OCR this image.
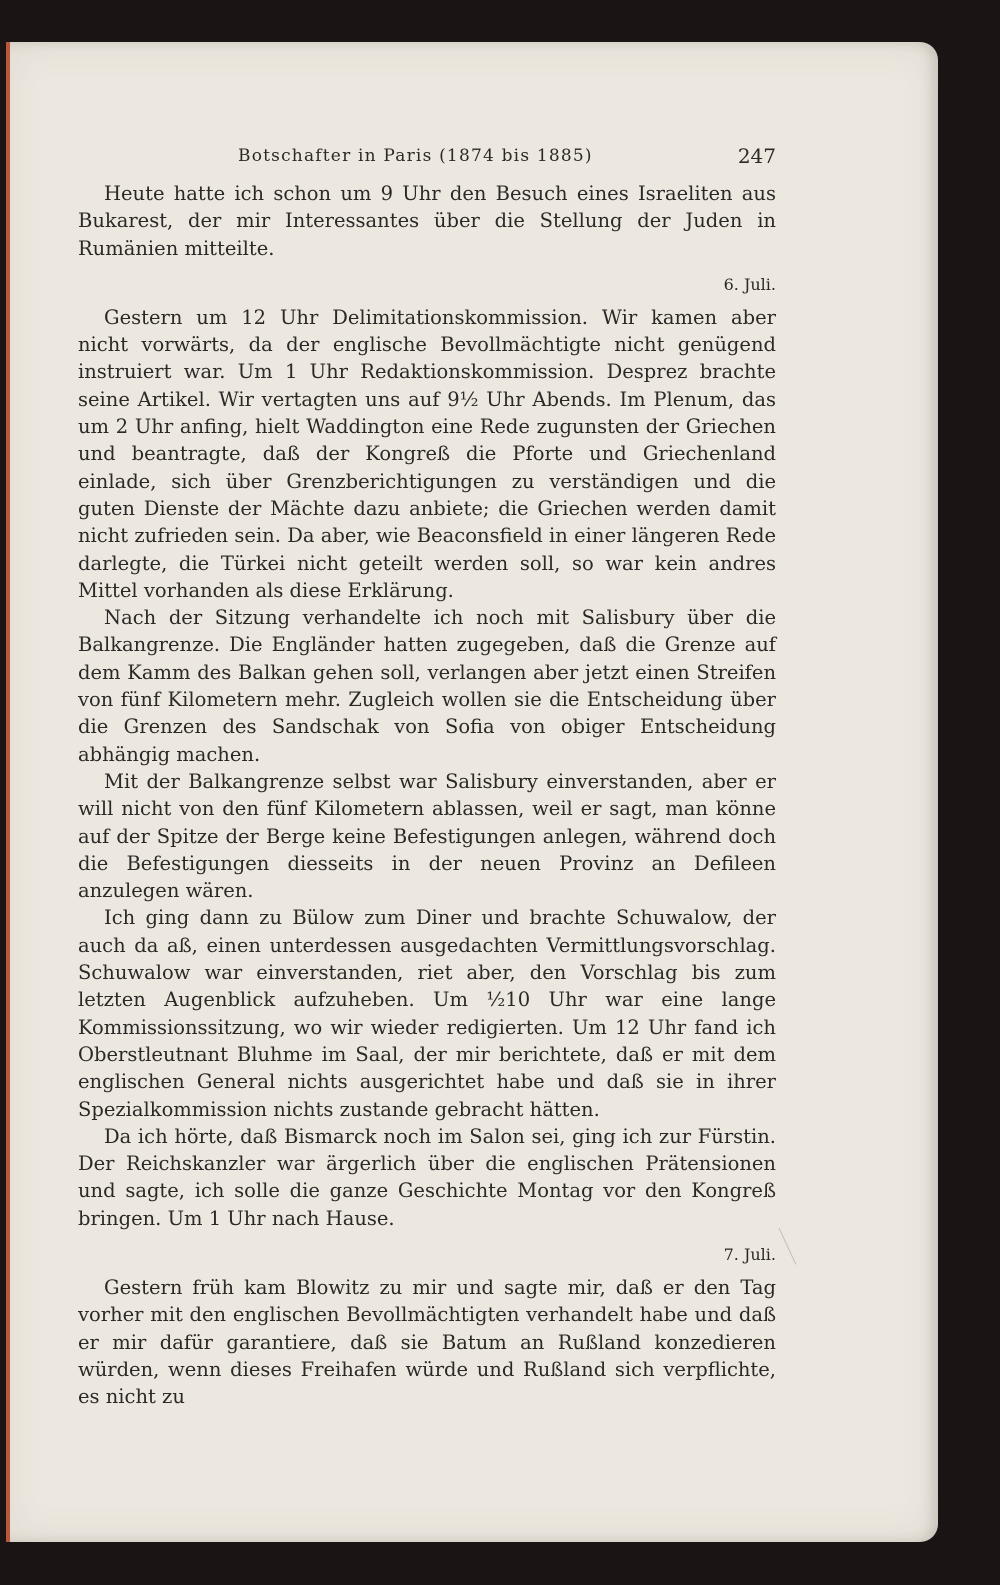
Botschafter in Paris (1874 bis 1885)	247

Heute hatte ich schon um 9 Uhr den Besuch eines Israeliten aus Bukarest, der mir Interessantes über die Stellung der Juden in Rumänien mitteilte.

6. Juli.

Gestern um 12 Uhr Delimitationskommission. Wir kamen aber nicht vorwärts, da der englische Bevollmächtigte nicht genügend instruiert war. Um 1 Uhr Redaktionskommission. Desprez brachte seine Artikel. Wir vertagten uns auf 9½ Uhr Abends. Im Plenum, das um 2 Uhr anfing, hielt Waddington eine Rede zugunsten der Griechen und beantragte, daß der Kongreß die Pforte und Griechenland einlade, sich über Grenzberichtigungen zu verständigen und die guten Dienste der Mächte dazu anbiete; die Griechen werden damit nicht zufrieden sein. Da aber, wie Beaconsfield in einer längeren Rede darlegte, die Türkei nicht geteilt werden soll, so war kein andres Mittel vorhanden als diese Erklärung.

Nach der Sitzung verhandelte ich noch mit Salisbury über die Balkangrenze. Die Engländer hatten zugegeben, daß die Grenze auf dem Kamm des Balkan gehen soll, verlangen aber jetzt einen Streifen von fünf Kilometern mehr. Zugleich wollen sie die Entscheidung über die Grenzen des Sandschak von Sofia von obiger Entscheidung abhängig machen.

Mit der Balkangrenze selbst war Salisbury einverstanden, aber er will nicht von den fünf Kilometern ablassen, weil er sagt, man könne auf der Spitze der Berge keine Befestigungen anlegen, während doch die Befestigungen diesseits in der neuen Provinz an Defileen anzulegen wären.

Ich ging dann zu Bülow zum Diner und brachte Schuwalow, der auch da aß, einen unterdessen ausgedachten Vermittlungsvorschlag. Schuwalow war einverstanden, riet aber, den Vorschlag bis zum letzten Augenblick aufzuheben. Um ½10 Uhr war eine lange Kommissionssitzung, wo wir wieder redigierten. Um 12 Uhr fand ich Oberstleutnant Bluhme im Saal, der mir berichtete, daß er mit dem englischen General nichts ausgerichtet habe und daß sie in ihrer Spezialkommission nichts zustande gebracht hätten.

Da ich hörte, daß Bismarck noch im Salon sei, ging ich zur Fürstin. Der Reichskanzler war ärgerlich über die englischen Prätensionen und sagte, ich solle die ganze Geschichte Montag vor den Kongreß bringen. Um 1 Uhr nach Hause.

7. Juli.

Gestern früh kam Blowitz zu mir und sagte mir, daß er den Tag vorher mit den englischen Bevollmächtigten verhandelt habe und daß er mir dafür garantiere, daß sie Batum an Rußland konzedieren würden, wenn dieses Freihafen würde und Rußland sich verpflichte, es nicht zu
